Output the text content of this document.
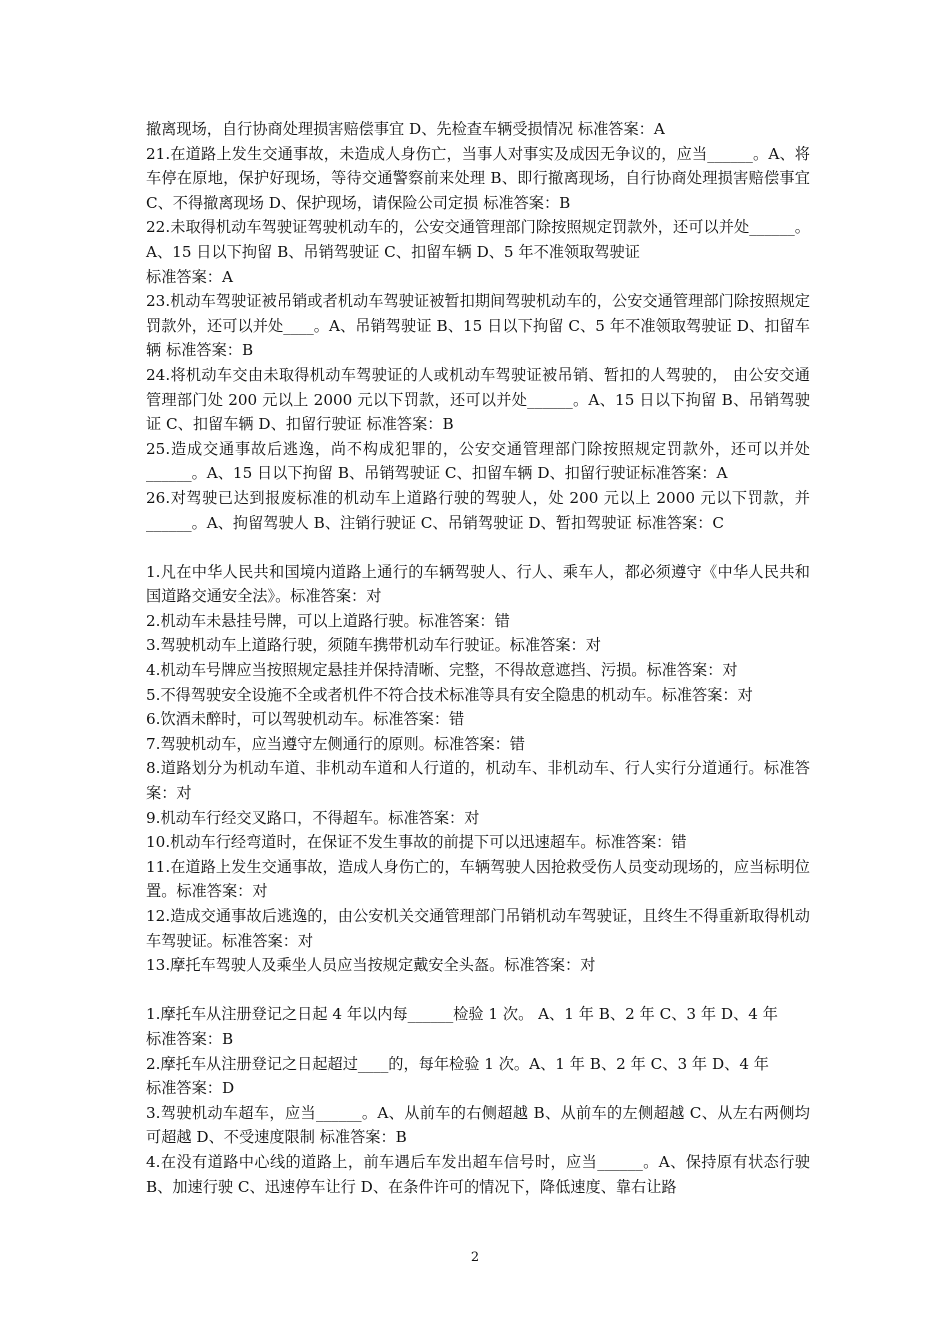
撤离现场，自行协商处理损害赔偿事宜 D、先检查车辆受损情况 标准答案：A

21.在道路上发生交通事故，未造成人身伤亡，当事人对事实及成因无争议的，应当______。A、将车停在原地，保护好现场，等待交通警察前来处理 B、即行撤离现场，自行协商处理损害赔偿事宜 C、不得撤离现场 D、保护现场，请保险公司定损 标准答案：B

22.未取得机动车驾驶证驾驶机动车的，公安交通管理部门除按照规定罚款外，还可以并处______。A、15 日以下拘留 B、吊销驾驶证 C、扣留车辆 D、5 年不准领取驾驶证

标准答案：A

23.机动车驾驶证被吊销或者机动车驾驶证被暂扣期间驾驶机动车的，公安交通管理部门除按照规定罚款外，还可以并处____。A、吊销驾驶证 B、15 日以下拘留 C、5 年不准领取驾驶证 D、扣留车辆 标准答案：B

24.将机动车交由未取得机动车驾驶证的人或机动车驾驶证被吊销、暂扣的人驾驶的， 由公安交通管理部门处 200 元以上 2000 元以下罚款，还可以并处______。A、15 日以下拘留 B、吊销驾驶证 C、扣留车辆 D、扣留行驶证 标准答案：B

25.造成交通事故后逃逸，尚不构成犯罪的，公安交通管理部门除按照规定罚款外，还可以并处______。A、15 日以下拘留 B、吊销驾驶证 C、扣留车辆 D、扣留行驶证标准答案：A

26.对驾驶已达到报废标准的机动车上道路行驶的驾驶人，处 200 元以上 2000 元以下罚款，并______。A、拘留驾驶人 B、注销行驶证 C、吊销驾驶证 D、暂扣驾驶证 标准答案：C

1.凡在中华人民共和国境内道路上通行的车辆驾驶人、行人、乘车人，都必须遵守《中华人民共和国道路交通安全法》。标准答案：对

2.机动车未悬挂号牌，可以上道路行驶。标准答案：错

3.驾驶机动车上道路行驶，须随车携带机动车行驶证。标准答案：对

4.机动车号牌应当按照规定悬挂并保持清晰、完整，不得故意遮挡、污损。标准答案：对

5.不得驾驶安全设施不全或者机件不符合技术标准等具有安全隐患的机动车。标准答案：对

6.饮酒未醉时，可以驾驶机动车。标准答案：错

7.驾驶机动车，应当遵守左侧通行的原则。标准答案：错

8.道路划分为机动车道、非机动车道和人行道的，机动车、非机动车、行人实行分道通行。标准答案：对

9.机动车行经交叉路口，不得超车。标准答案：对

10.机动车行经弯道时，在保证不发生事故的前提下可以迅速超车。标准答案：错

11.在道路上发生交通事故，造成人身伤亡的，车辆驾驶人因抢救受伤人员变动现场的，应当标明位置。标准答案：对

12.造成交通事故后逃逸的，由公安机关交通管理部门吊销机动车驾驶证，且终生不得重新取得机动车驾驶证。标准答案：对

13.摩托车驾驶人及乘坐人员应当按规定戴安全头盔。标准答案：对

1.摩托车从注册登记之日起 4 年以内每______检验 1 次。 A、1 年 B、2 年 C、3 年 D、4 年

标准答案：B

2.摩托车从注册登记之日起超过____的，每年检验 1 次。A、1 年 B、2 年 C、3 年 D、4 年

标准答案：D

3.驾驶机动车超车，应当______。A、从前车的右侧超越 B、从前车的左侧超越 C、从左右两侧均可超越 D、不受速度限制 标准答案：B

4.在没有道路中心线的道路上，前车遇后车发出超车信号时，应当______。A、保持原有状态行驶 B、加速行驶 C、迅速停车让行 D、在条件许可的情况下，降低速度、靠右让路

2
